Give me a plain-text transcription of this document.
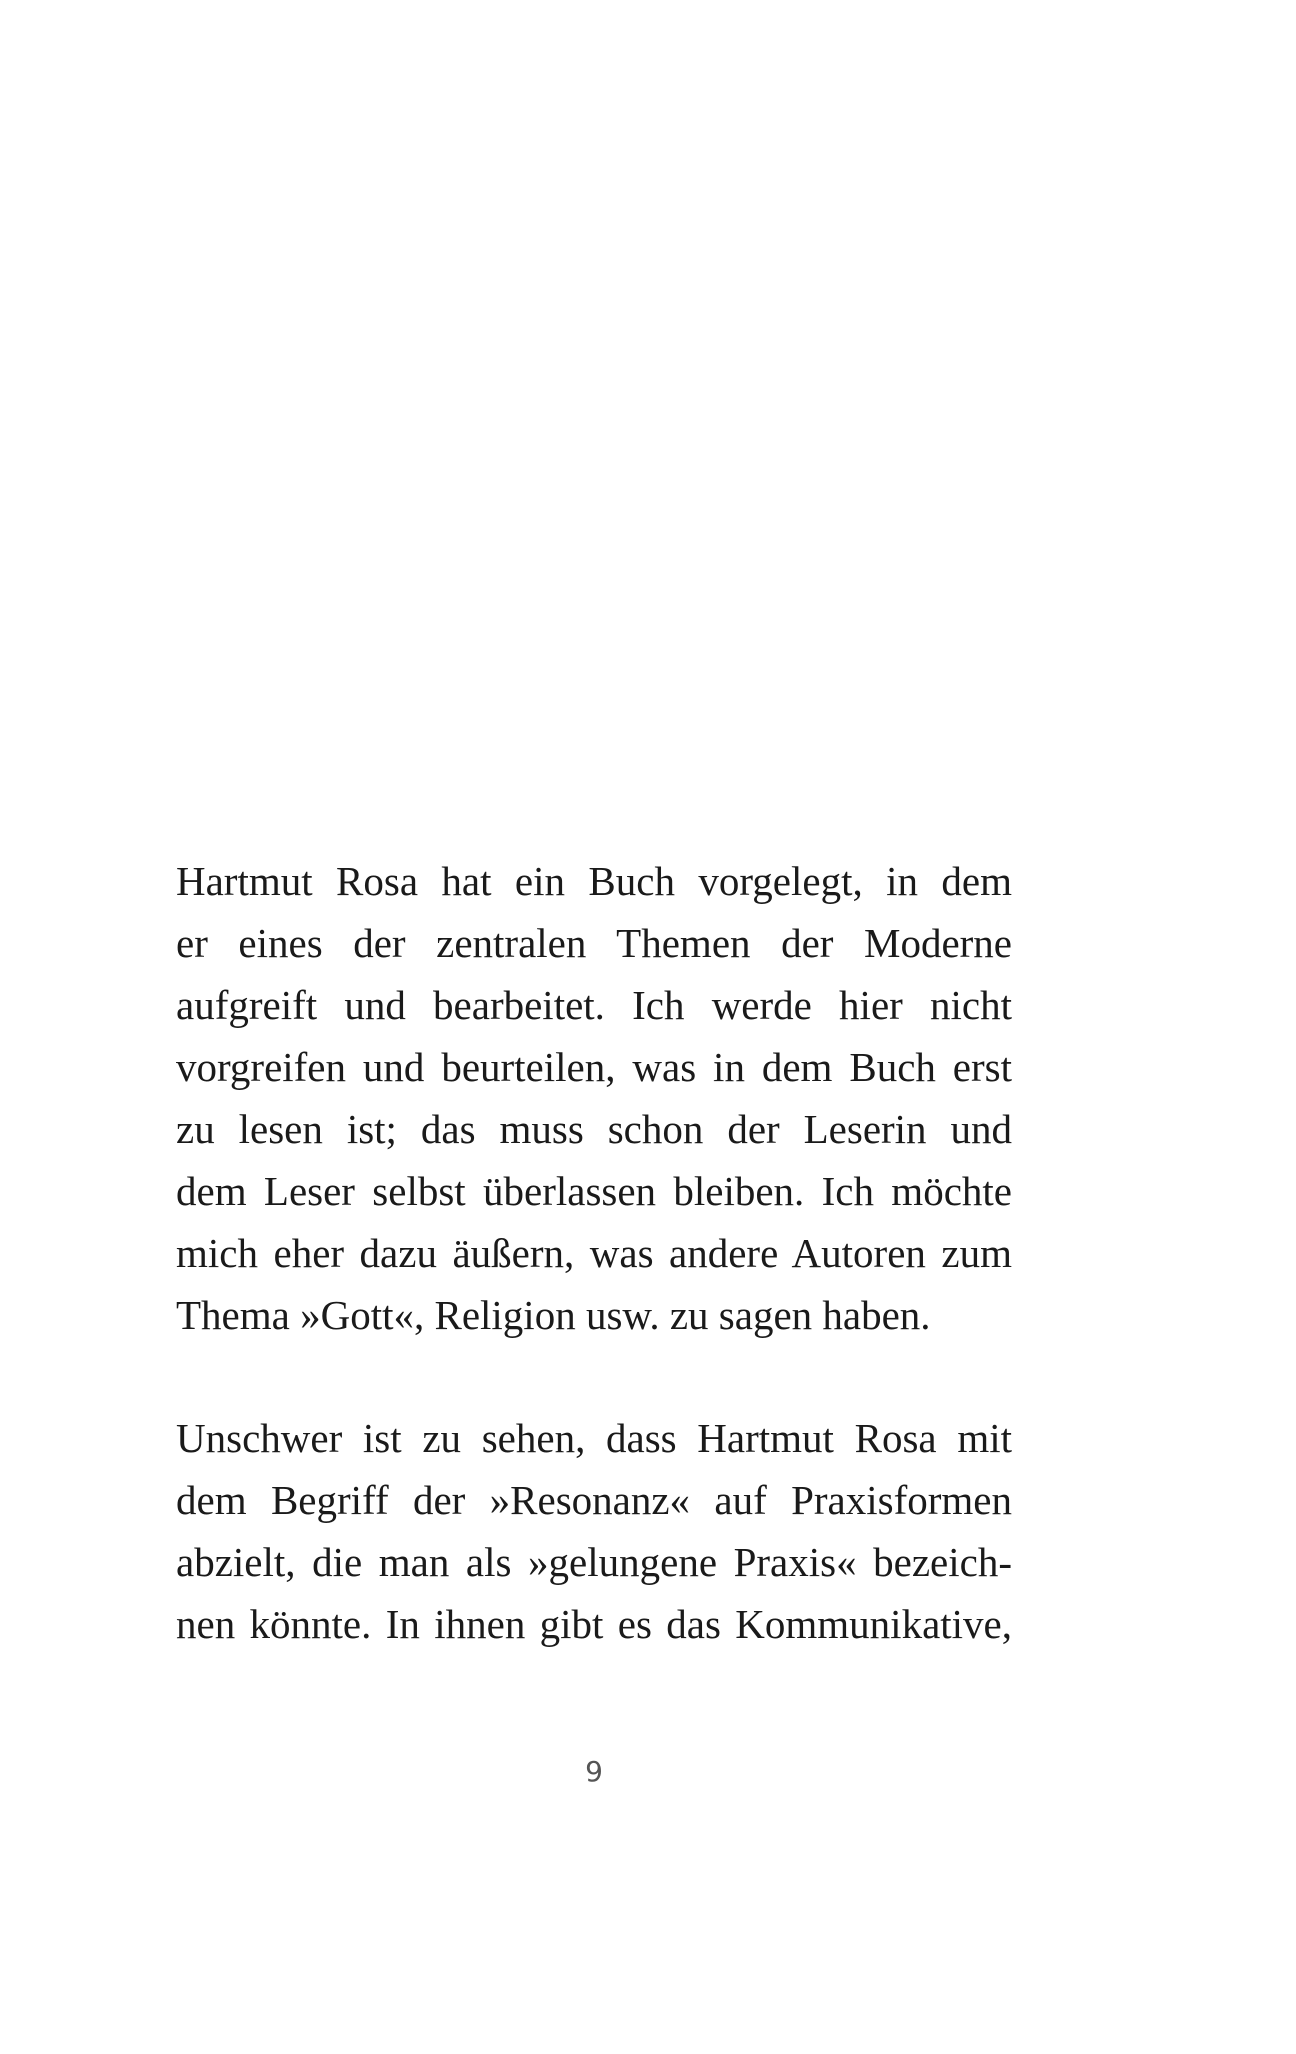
Hartmut Rosa hat ein Buch vorgelegt, in dem
er eines der zentralen Themen der Moderne
aufgreift und bearbeitet. Ich werde hier nicht
vorgreifen und beurteilen, was in dem Buch erst
zu lesen ist; das muss schon der Leserin und
dem Leser selbst überlassen bleiben. Ich möchte
mich eher dazu äußern, was andere Autoren zum
Thema »Gott«, Religion usw. zu sagen haben.
Unschwer ist zu sehen, dass Hartmut Rosa mit
dem Begriff der »Resonanz« auf Praxisformen
abzielt, die man als »gelungene Praxis« bezeich-
nen könnte. In ihnen gibt es das Kommunikative,
9
